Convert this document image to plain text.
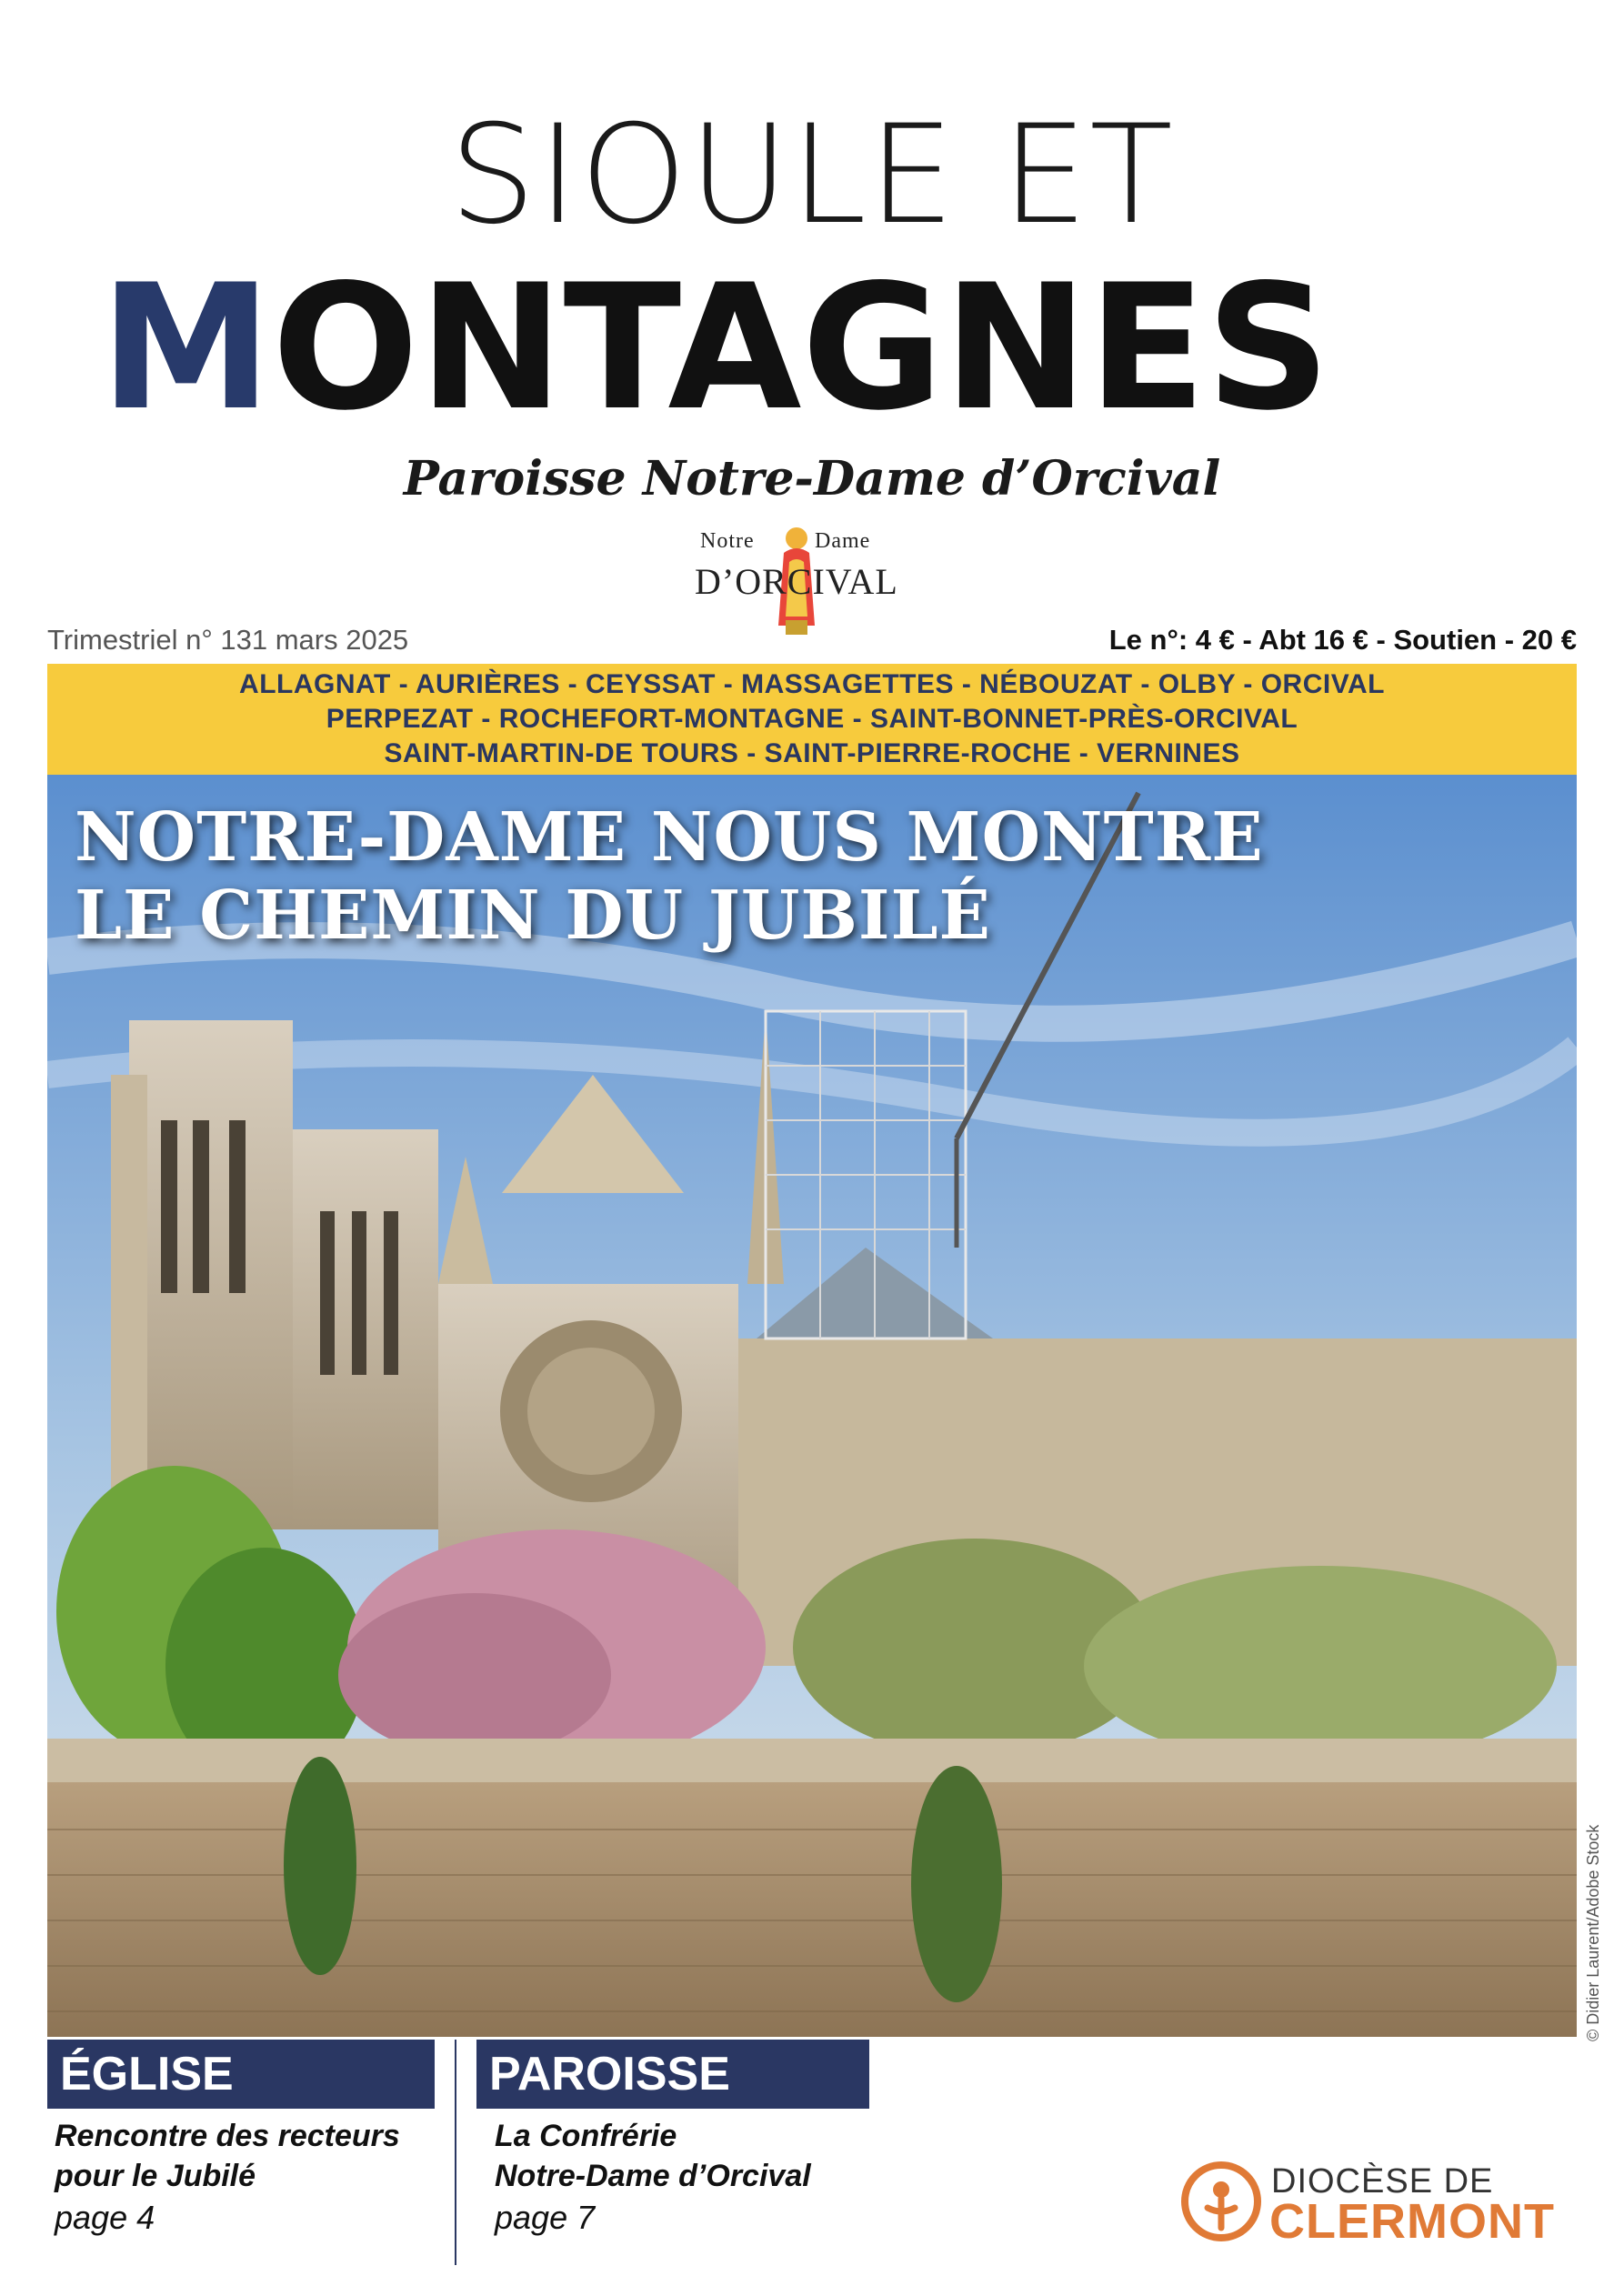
SIOULE ET
MONTAGNES
Paroisse Notre-Dame d’Orcival
Notre	Dame
D’ORCIVAL
Trimestriel n° 131 mars 2025	Le n°: 4 € - Abt 16 € - Soutien - 20 €
ALLAGNAT - AURIÈRES - CEYSSAT - MASSAGETTES - NÉBOUZAT - OLBY - ORCIVAL
PERPEZAT - ROCHEFORT-MONTAGNE - SAINT-BONNET-PRÈS-ORCIVAL
SAINT-MARTIN-DE TOURS - SAINT-PIERRE-ROCHE - VERNINES
NOTRE-DAME NOUS MONTRE
LE CHEMIN DU JUBILÉ
© Didier Laurent/Adobe Stock
ÉGLISE
Rencontre des recteurs
pour le Jubilé
page 4
PAROISSE
La Confrérie
Notre-Dame d’Orcival
page 7
DIOCÈSE DE
CLERMONT
